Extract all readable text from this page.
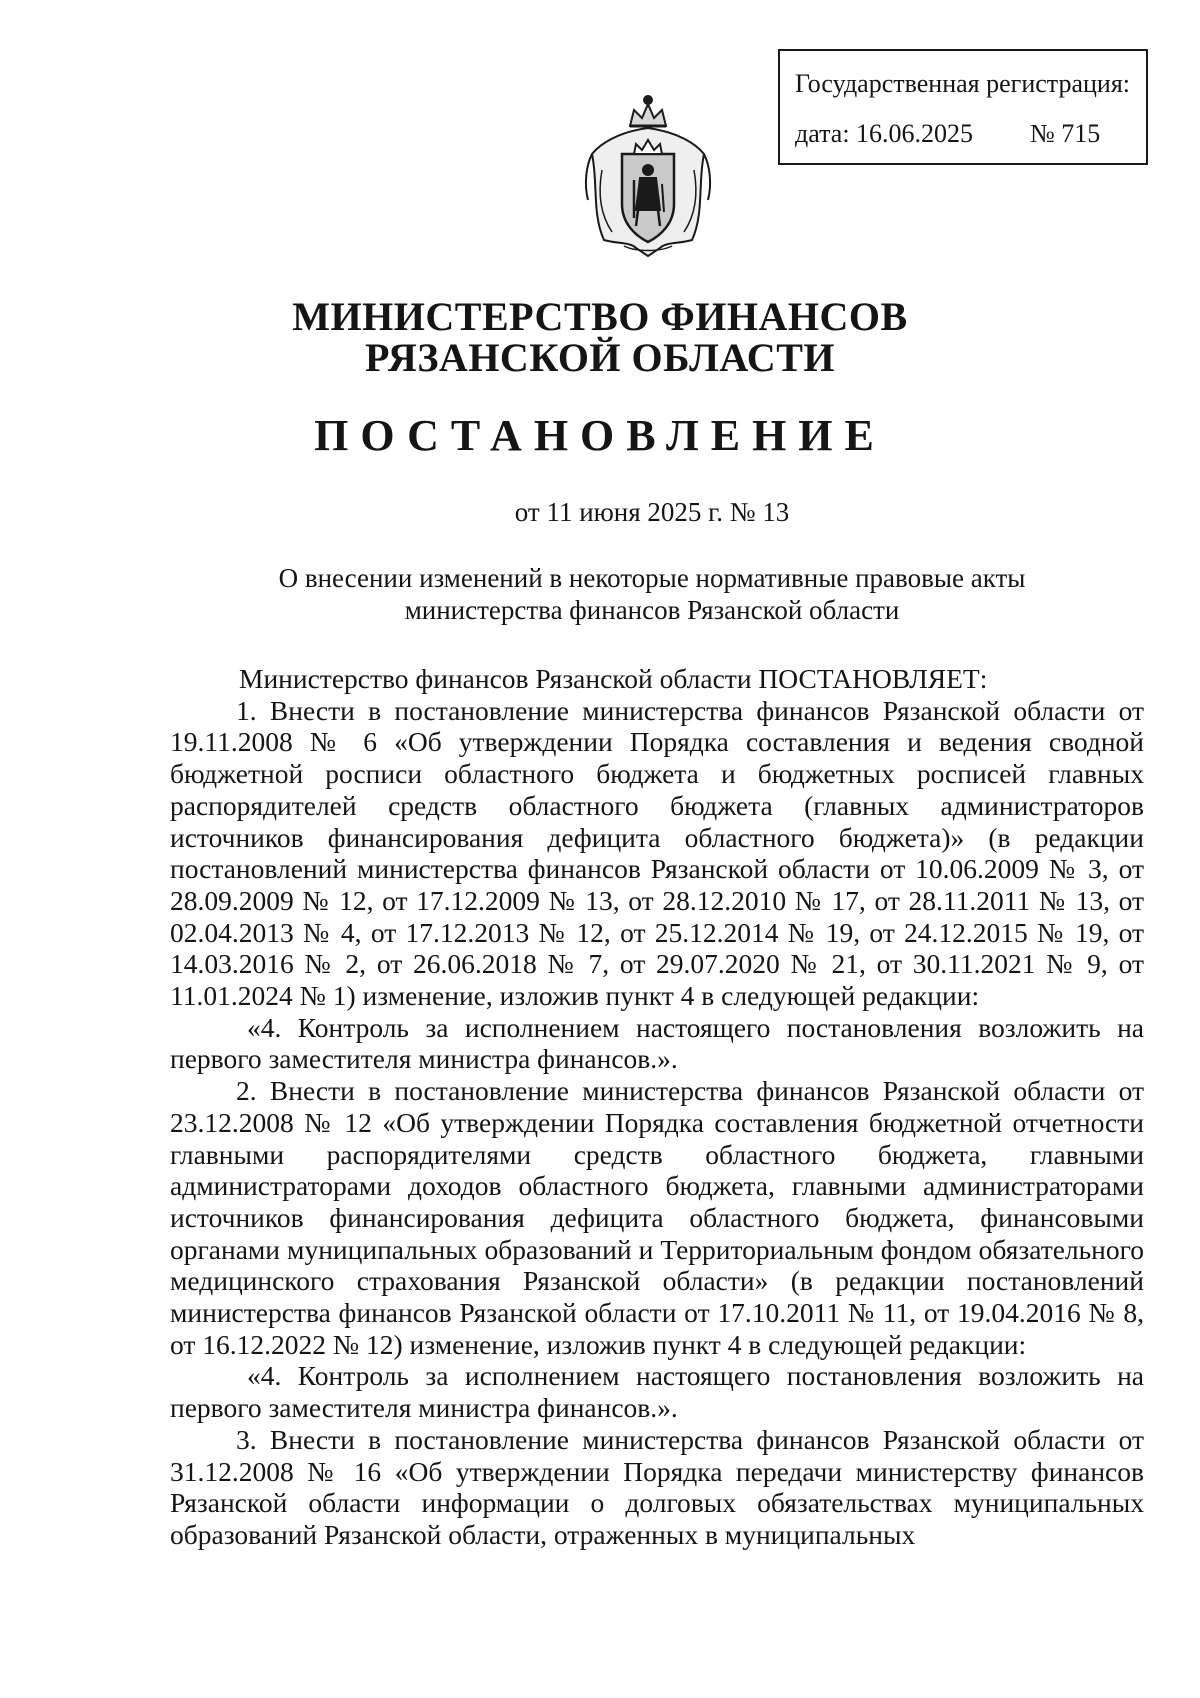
Государственная регистрация:
дата: 16.06.2025 № 715
МИНИСТЕРСТВО ФИНАНСОВ
РЯЗАНСКОЙ ОБЛАСТИ
ПОСТАНОВЛЕНИЕ
от 11 июня 2025 г. № 13
О внесении изменений в некоторые нормативные правовые акты
министерства финансов Рязанской области

Министерство финансов Рязанской области ПОСТАНОВЛЯЕТ:

1. Внести в постановление министерства финансов Рязанской области от 19.11.2008 № 6 «Об утверждении Порядка составления и ведения сводной бюджетной росписи областного бюджета и бюджетных росписей главных распорядителей средств областного бюджета (главных администраторов источников финансирования дефицита областного бюджета)» (в редакции постановлений министерства финансов Рязанской области от 10.06.2009 № 3, от 28.09.2009 № 12, от 17.12.2009 № 13, от 28.12.2010 № 17, от 28.11.2011 № 13, от 02.04.2013 № 4, от 17.12.2013 № 12, от 25.12.2014 № 19, от 24.12.2015 № 19, от 14.03.2016 № 2, от 26.06.2018 № 7, от 29.07.2020 № 21, от 30.11.2021 № 9, от 11.01.2024 № 1) изменение, изложив пункт 4 в следующей редакции:

«4. Контроль за исполнением настоящего постановления возложить на первого заместителя министра финансов.».

2. Внести в постановление министерства финансов Рязанской области от 23.12.2008 № 12 «Об утверждении Порядка составления бюджетной отчетности главными распорядителями средств областного бюджета, главными администраторами доходов областного бюджета, главными администраторами источников финансирования дефицита областного бюджета, финансовыми органами муниципальных образований и Территориальным фондом обязательного медицинского страхования Рязанской области» (в редакции постановлений министерства финансов Рязанской области от 17.10.2011 № 11, от 19.04.2016 № 8, от 16.12.2022 № 12) изменение, изложив пункт 4 в следующей редакции:

«4. Контроль за исполнением настоящего постановления возложить на первого заместителя министра финансов.».

3. Внести в постановление министерства финансов Рязанской области от 31.12.2008 № 16 «Об утверждении Порядка передачи министерству финансов Рязанской области информации о долговых обязательствах муниципальных образований Рязанской области, отраженных в муниципальных
